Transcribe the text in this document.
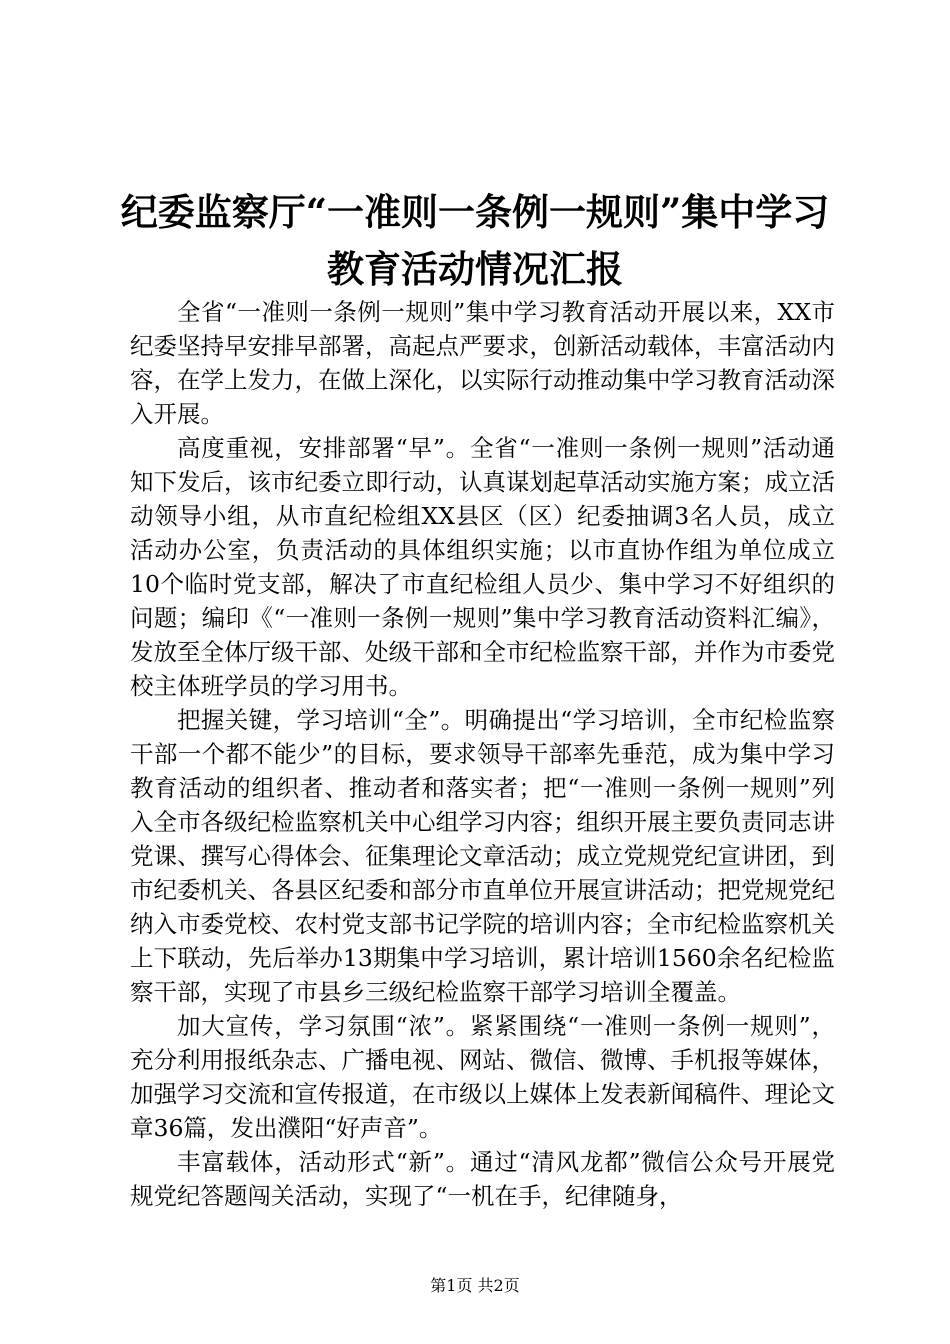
纪委监察厅“一准则一条例一规则”集中学习
教育活动情况汇报

全省“一准则一条例一规则”集中学习教育活动开展以来，XX市纪委坚持早安排早部署，高起点严要求，创新活动载体，丰富活动内容，在学上发力，在做上深化，以实际行动推动集中学习教育活动深入开展。

高度重视，安排部署“早”。全省“一准则一条例一规则”活动通知下发后，该市纪委立即行动，认真谋划起草活动实施方案；成立活动领导小组，从市直纪检组XX县区（区）纪委抽调3名人员，成立活动办公室，负责活动的具体组织实施；以市直协作组为单位成立10个临时党支部，解决了市直纪检组人员少、集中学习不好组织的问题；编印《“一准则一条例一规则”集中学习教育活动资料汇编》，发放至全体厅级干部、处级干部和全市纪检监察干部，并作为市委党校主体班学员的学习用书。

把握关键，学习培训“全”。明确提出“学习培训，全市纪检监察干部一个都不能少”的目标，要求领导干部率先垂范，成为集中学习教育活动的组织者、推动者和落实者；把“一准则一条例一规则”列入全市各级纪检监察机关中心组学习内容；组织开展主要负责同志讲党课、撰写心得体会、征集理论文章活动；成立党规党纪宣讲团，到市纪委机关、各县区纪委和部分市直单位开展宣讲活动；把党规党纪纳入市委党校、农村党支部书记学院的培训内容；全市纪检监察机关上下联动，先后举办13期集中学习培训，累计培训1560余名纪检监察干部，实现了市县乡三级纪检监察干部学习培训全覆盖。

加大宣传，学习氛围“浓”。紧紧围绕“一准则一条例一规则”，充分利用报纸杂志、广播电视、网站、微信、微博、手机报等媒体，加强学习交流和宣传报道，在市级以上媒体上发表新闻稿件、理论文章36篇，发出濮阳“好声音”。

丰富载体，活动形式“新”。通过“清风龙都”微信公众号开展党规党纪答题闯关活动，实现了“一机在手，纪律随身，

第1页 共2页
